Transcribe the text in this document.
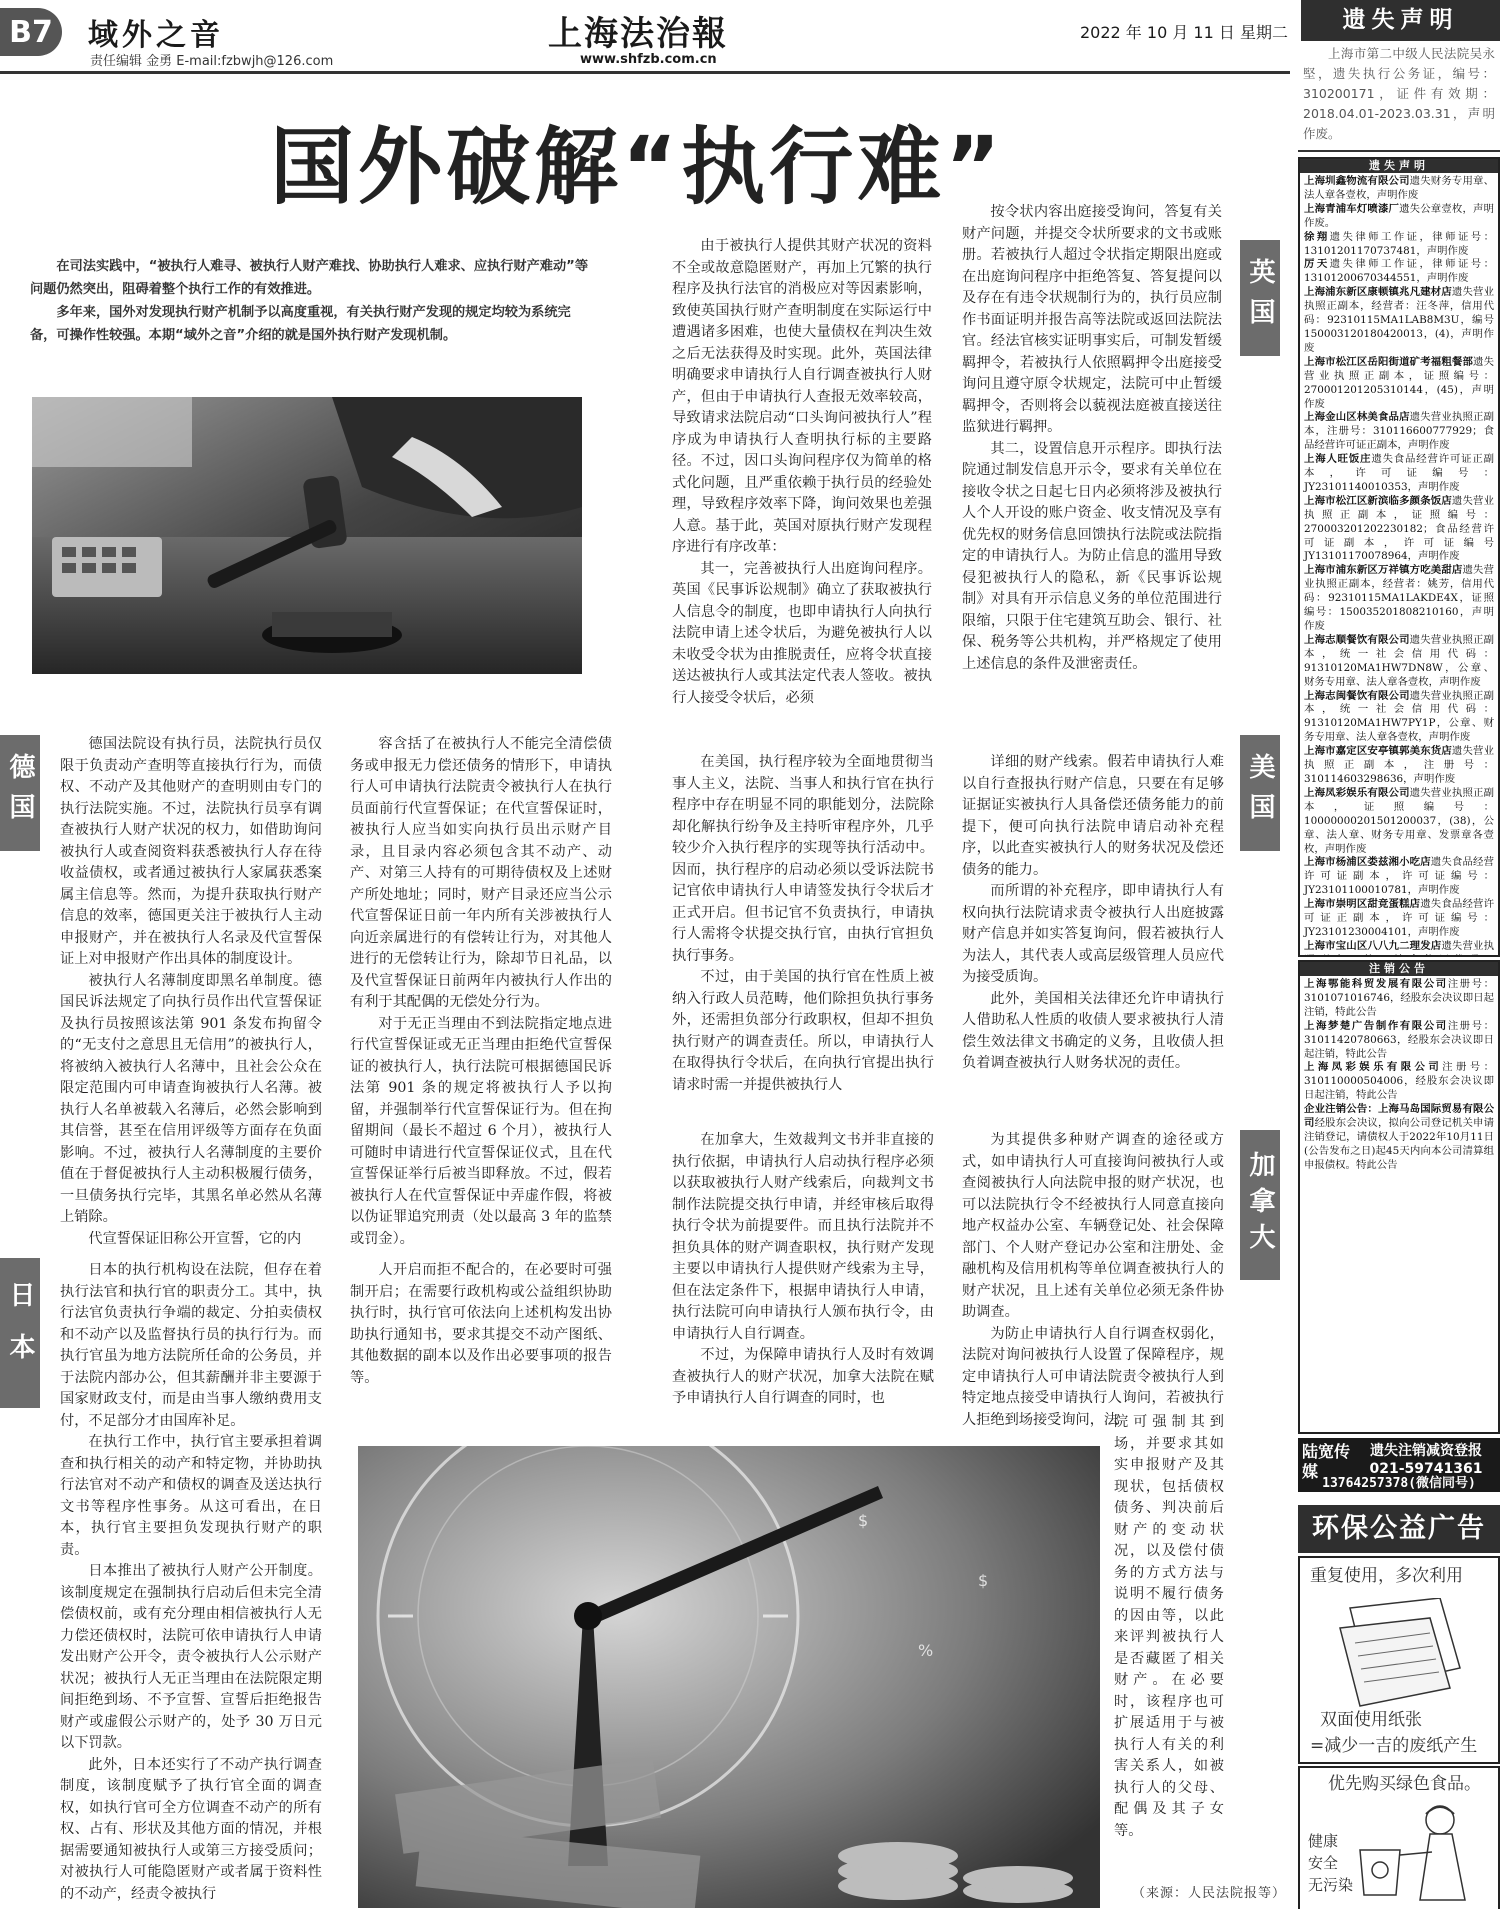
B7	域外之音
责任编辑 金勇 E-mail:fzbwjh@126.com
上海法治報
www.shfzb.com.cn
2022 年 10 月 11 日 星期二
国外破解“执行难”

在司法实践中，“被执行人难寻、被执行人财产难找、协助执行人难求、应执行财产难动”等问题仍然突出，阻碍着整个执行工作的有效推进。

多年来，国外对发现执行财产机制予以高度重视，有关执行财产发现的规定均较为系统完备，可操作性较强。本期“域外之音”介绍的就是国外执行财产发现机制。	英国

由于被执行人提供其财产状况的资料不全或故意隐匿财产，再加上冗繁的执行程序及执行法官的消极应对等因素影响，致使英国执行财产查明制度在实际运行中遭遇诸多困难，也使大量债权在判决生效之后无法获得及时实现。此外，英国法律明确要求申请执行人自行调查被执行人财产，但由于申请执行人查报无效率较高，导致请求法院启动“口头询问被执行人”程序成为申请执行人查明执行标的主要路径。不过，因口头询问程序仅为简单的格式化问题，且严重依赖于执行员的经验处理，导致程序效率下降，询问效果也差强人意。基于此，英国对原执行财产发现程序进行有序改革：

其一，完善被执行人出庭询问程序。英国《民事诉讼规制》确立了获取被执行人信息令的制度，也即申请执行人向执行法院申请上述令状后，为避免被执行人以未收受令状为由推脱责任，应将令状直接送达被执行人或其法定代表人签收。被执行人接受令状后，必须

按令状内容出庭接受询问，答复有关财产问题，并提交令状所要求的文书或账册。若被执行人超过令状指定期限出庭或在出庭询问程序中拒绝答复、答复提问以及存在有违令状规制行为的，执行员应制作书面证明并报告高等法院或返回法院法官。经法官核实证明事实后，可制发暂缓羁押令，若被执行人依照羁押令出庭接受询问且遵守原令状规定，法院可中止暂缓羁押令，否则将会以藐视法庭被直接送往监狱进行羁押。

其二，设置信息开示程序。即执行法院通过制发信息开示令，要求有关单位在接收令状之日起七日内必须将涉及被执行人个人开设的账户资金、收支情况及享有优先权的财务信息回馈执行法院或法院指定的申请执行人。为防止信息的滥用导致侵犯被执行人的隐私，新《民事诉讼规制》对具有开示信息义务的单位范围进行限缩，只限于住宅建筑互助会、银行、社保、税务等公共机构，并严格规定了使用上述信息的条件及泄密责任。

德国

德国法院设有执行员，法院执行员仅限于负责动产查明等直接执行行为，而债权、不动产及其他财产的查明则由专门的执行法院实施。不过，法院执行员享有调查被执行人财产状况的权力，如借助询问被执行人或查阅资料获悉被执行人存在待收益债权，或者通过被执行人家属获悉案属主信息等。然而，为提升获取执行财产信息的效率，德国更关注于被执行人主动申报财产，并在被执行人名录及代宣誓保证上对申报财产作出具体的制度设计。

被执行人名薄制度即黑名单制度。德国民诉法规定了向执行员作出代宣誓保证及执行员按照该法第 901 条发布拘留令的“无支付之意思且无信用”的被执行人，将被纳入被执行人名薄中，且社会公众在限定范围内可申请查询被执行人名薄。被执行人名单被载入名薄后，必然会影响到其信誉，甚至在信用评级等方面存在负面影响。不过，被执行人名薄制度的主要价值在于督促被执行人主动积极履行债务，一旦债务执行完毕，其黑名单必然从名薄上销除。

代宣誓保证旧称公开宣誓，它的内

容含括了在被执行人不能完全清偿债务或申报无力偿还债务的情形下，申请执行人可申请执行法院责令被执行人在执行员面前行代宣誓保证；在代宣誓保证时，被执行人应当如实向执行员出示财产目录，且目录内容必须包含其不动产、动产、对第三人持有的可期待债权及上述财产所处地址；同时，财产目录还应当公示代宣誓保证日前一年内所有关涉被执行人向近亲属进行的有偿转让行为，对其他人进行的无偿转让行为，除却节日礼品，以及代宣誓保证日前两年内被执行人作出的有利于其配偶的无偿处分行为。

对于无正当理由不到法院指定地点进行代宣誓保证或无正当理由拒绝代宣誓保证的被执行人，执行法院可根据德国民诉法第 901 条的规定将被执行人予以拘留，并强制举行代宣誓保证行为。但在拘留期间（最长不超过 6 个月），被执行人可随时申请进行代宣誓保证仪式，且在代宣誓保证举行后被当即释放。不过，假若被执行人在代宣誓保证中弄虚作假，将被以伪证罪追究刑责（处以最高 3 年的监禁或罚金）。

美国

在美国，执行程序较为全面地贯彻当事人主义，法院、当事人和执行官在执行程序中存在明显不同的职能划分，法院除却化解执行纷争及主持听审程序外，几乎较少介入执行程序的实现等执行活动中。因而，执行程序的启动必须以受诉法院书记官依申请执行人申请签发执行令状后才正式开启。但书记官不负责执行，申请执行人需将令状提交执行官，由执行官担负执行事务。

不过，由于美国的执行官在性质上被纳入行政人员范畴，他们除担负执行事务外，还需担负部分行政职权，但却不担负执行财产的调查责任。所以，申请执行人在取得执行令状后，在向执行官提出执行请求时需一并提供被执行人

详细的财产线索。假若申请执行人难以自行查报执行财产信息，只要在有足够证据证实被执行人具备偿还债务能力的前提下，便可向执行法院申请启动补充程序，以此查实被执行人的财务状况及偿还债务的能力。

而所谓的补充程序，即申请执行人有权向执行法院请求责令被执行人出庭披露财产信息并如实答复询问，假若被执行人为法人，其代表人或高层级管理人员应代为接受质询。

此外，美国相关法律还允许申请执行人借助私人性质的收债人要求被执行人清偿生效法律文书确定的义务，且收债人担负着调查被执行人财务状况的责任。

加拿大

在加拿大，生效裁判文书并非直接的执行依据，申请执行人启动执行程序必须以获取被执行人财产线索后，向裁判文书制作法院提交执行申请，并经审核后取得执行令状为前提要件。而且执行法院并不担负具体的财产调查职权，执行财产发现主要以申请执行人提供财产线索为主导，但在法定条件下，根据申请执行人申请，执行法院可向申请执行人颁布执行令，由申请执行人自行调查。

不过，为保障申请执行人及时有效调查被执行人的财产状况，加拿大法院在赋予申请执行人自行调查的同时，也

为其提供多种财产调查的途径或方式，如申请执行人可直接询问被执行人或查阅被执行人向法院申报的财产状况，也可以法院执行令不经被执行人同意直接向地产权益办公室、车辆登记处、社会保障部门、个人财产登记办公室和注册处、金融机构及信用机构等单位调查被执行人的财产状况，且上述有关单位必须无条件协助调查。

为防止申请执行人自行调查权弱化，法院对询问被执行人设置了保障程序，规定申请执行人可申请法院责令被执行人到特定地点接受申请执行人询问，若被执行人拒绝到场接受询问，法

院可强制其到场，并要求其如实申报财产及其现状，包括债权债务、判决前后财产的变动状况，以及偿付债务的方式方法与说明不履行债务的因由等，以此来评判被执行人是否藏匿了相关财产。在必要时，该程序也可扩展适用于与被执行人有关的利害关系人，如被执行人的父母、配偶及其子女等。

日本

日本的执行机构设在法院，但存在着执行法官和执行官的职责分工。其中，执行法官负责执行争端的裁定、分拍卖债权和不动产以及监督执行员的执行行为。而执行官虽为地方法院所任命的公务员，并于法院内部办公，但其薪酬并非主要源于国家财政支付，而是由当事人缴纳费用支付，不足部分才由国库补足。

在执行工作中，执行官主要承担着调查和执行相关的动产和特定物，并协助执行法官对不动产和债权的调查及送达执行文书等程序性事务。从这可看出，在日本，执行官主要担负发现执行财产的职责。

日本推出了被执行人财产公开制度。该制度规定在强制执行启动后但未完全清偿债权前，或有充分理由相信被执行人无力偿还债权时，法院可依申请执行人申请发出财产公开令，责令被执行人公示财产状况；被执行人无正当理由在法院限定期间拒绝到场、不予宣誓、宣誓后拒绝报告财产或虚假公示财产的，处予 30 万日元以下罚款。

此外，日本还实行了不动产执行调查制度，该制度赋予了执行官全面的调查权，如执行官可全方位调查不动产的所有权、占有、形状及其他方面的情况，并根据需要通知被执行人或第三方接受质问；对被执行人可能隐匿财产或者属于资料性的不动产，经责令被执行

人开启而拒不配合的，在必要时可强制开启；在需要行政机构或公益组织协助执行时，执行官可依法向上述机构发出协助执行通知书，要求其提交不动产图纸、其他数据的副本以及作出必要事项的报告等。

$
%
$
（来源：人民法院报等）
遗失声明

上海市第二中级人民法院吴永堅，遗失执行公务证，编号：310200171，证件有效期：2018.04.01-2023.03.31，声明作废。

遗失声明

上海圳鑫物流有限公司遗失财务专用章、法人章各壹枚，声明作废

上海青浦车灯喷漆厂遗失公章壹枚，声明作废。

徐翔遗失律师工作证，律师证号：13101201170737481，声明作废

厉天遗失律师工作证，律师证号：13101200670344551，声明作废

上海浦东新区康顿镇兆凡建材店遗失营业执照正副本，经营者：汪冬萍，信用代码：92310115MA1LAB8M3U，编号150003120180420013，(4)，声明作废

上海市松江区岳阳街道矿考福粗餐部遗失营业执照正副本，证照编号：270001201205310144，(45)，声明作废

上海金山区林美食品店遗失营业执照正副本，注册号：310116600777929；食品经营许可证正副本，声明作废

上海人旺饭庄遗失食品经营许可证正副本，许可证编号：JY23101140010353，声明作废

上海市松江区新滨临多颜条饭店遗失营业执照正副本，证照编号：270003201202230182；食品经营许可证副本，许可证编号JY13101170078964，声明作废

上海市浦东新区万祥镇方吃美甜店遗失营业执照正副本，经营者：姚芳，信用代码：92310115MA1LAKDE4X，证照编号：150035201808210160，声明作废

上海志顺餐饮有限公司遗失营业执照正副本，统一社会信用代码：91310120MA1HW7DN8W，公章、财务专用章、法人章各壹枚，声明作废

上海志闽餐饮有限公司遗失营业执照正副本，统一社会信用代码：91310120MA1HW7PY1P，公章、财务专用章、法人章各壹枚，声明作废

上海市嘉定区安亭镇郭美东货店遗失营业执照正副本，注册号：310114603298636，声明作废

上海凤彩娱乐有限公司遗失营业执照正副本，证照编号：10000000201501200037，(38)，公章、法人章、财务专用章、发票章各壹枚，声明作废

上海市杨浦区娄兹湘小吃店遗失食品经营许可证副本，许可证编号：JY23101100010781，声明作废

上海市崇明区甜竞蛋糕店遗失食品经营许可证正副本，许可证编号：JY23101230004101，声明作废

上海市宝山区八八九二理发店遗失营业执

注销公告

上海鄂能科贸发展有限公司注册号：3101071016746，经股东会决议即日起注销，特此公告

上海梦楚广告制作有限公司注册号：31011420780663，经股东会决议即日起注销，特此公告

上海凤彩娱乐有限公司注册号：310110000504006，经股东会决议即日起注销，特此公告

企业注销公告：上海马岛国际贸易有限公司经股东会决议，拟向公司登记机关申请注销登记，请债权人于2022年10月11日(公告发布之日)起45天内向本公司清算组申报债权。特此公告

陆宽传媒
遗失注销减资登报
021-59741361
13764257378(微信同号)
环保公益广告
重复使用，多次利用
双面使用纸张
=减少一吉的废纸产生
优先购买绿色食品。
健康
安全
无污染
